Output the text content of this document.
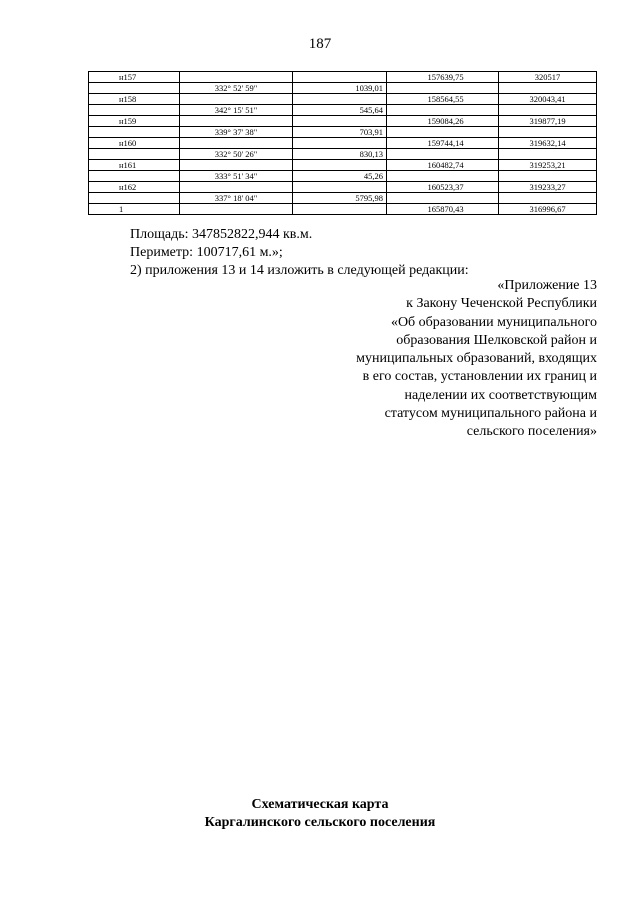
187
н157			157639,75	320517
	332° 52' 59"	1039,01		
н158			158564,55	320043,41
	342° 15' 51"	545,64		
н159			159084,26	319877,19
	339° 37' 38"	703,91		
н160			159744,14	319632,14
	332° 50' 26"	830,13		
н161			160482,74	319253,21
	333° 51' 34"	45,26		
н162			160523,37	319233,27
	337° 18' 04"	5795,98		
1			165870,43	316996,67
Площадь: 347852822,944 кв.м.
Периметр: 100717,61 м.»;
2) приложения 13 и 14 изложить в следующей редакции:
«Приложение 13
к Закону Чеченской Республики
«Об образовании муниципального
образования Шелковской район и
муниципальных образований, входящих
в его состав, установлении их границ и
наделении их соответствующим
статусом муниципального района и
сельского поселения»
Схематическая карта
Каргалинского сельского поселения
